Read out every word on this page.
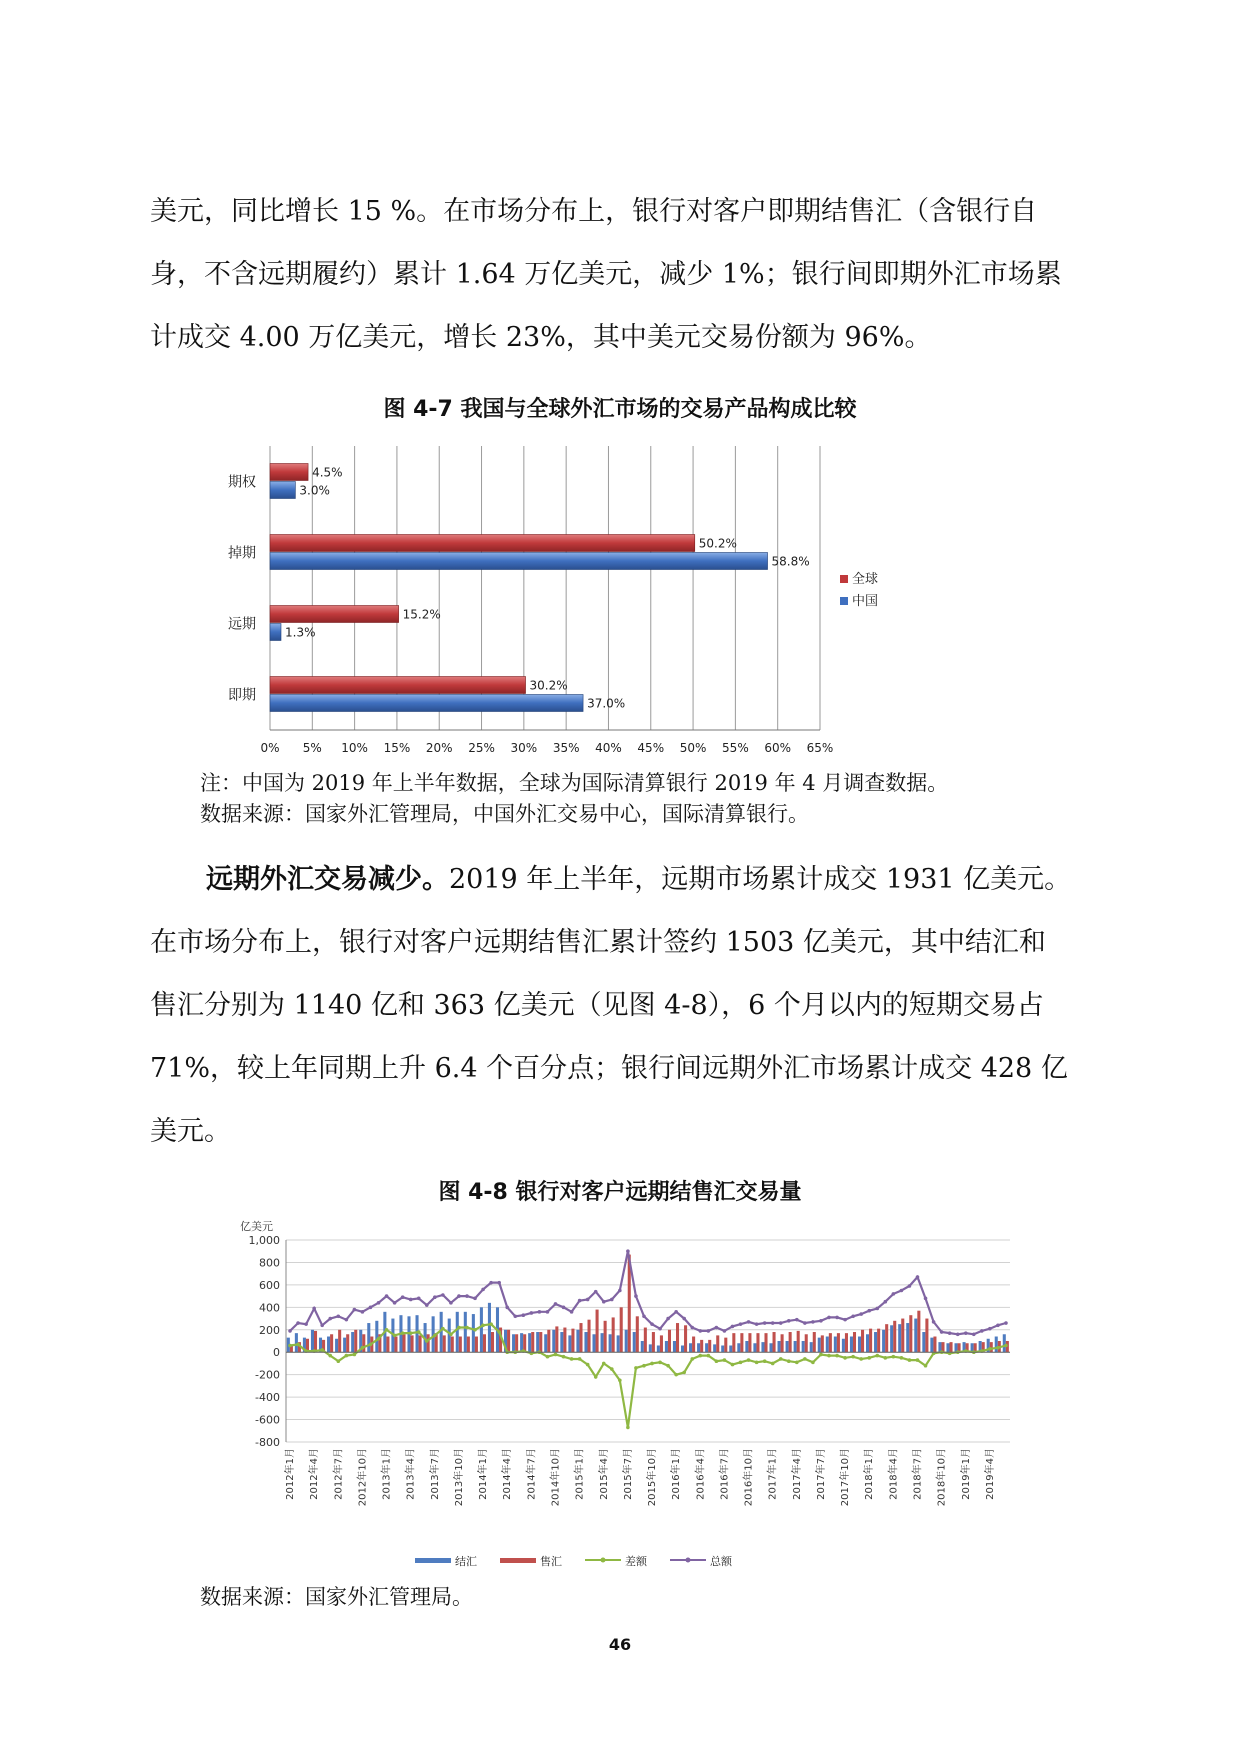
美元，同比增长 15 %。在市场分布上，银行对客户即期结售汇（含银行自

身，不含远期履约）累计 1.64 万亿美元，减少 1%；银行间即期外汇市场累

计成交 4.00 万亿美元，增长 23%，其中美元交易份额为 96%。

图 4-7 我国与全球外汇市场的交易产品构成比较
0% 5% 10% 15% 20% 25% 30% 35% 40% 45% 50% 55% 60% 65%
期权
4.5%
3.0%
掉期
50.2%
58.8%
远期
15.2%
1.3%
即期
30.2%
37.0%
全球
中国
注：中国为 2019 年上半年数据，全球为国际清算银行 2019 年 4 月调查数据。
数据来源：国家外汇管理局，中国外汇交易中心，国际清算银行。

远期外汇交易减少。2019 年上半年，远期市场累计成交 1931 亿美元。

在市场分布上，银行对客户远期结售汇累计签约 1503 亿美元，其中结汇和

售汇分别为 1140 亿和 363 亿美元（见图 4-8），6 个月以内的短期交易占

71%，较上年同期上升 6.4 个百分点；银行间远期外汇市场累计成交 428 亿

美元。

图 4-8 银行对客户远期结售汇交易量
亿美元
1,000
800
600
400
200
0
-200
-400
-600
-800
2012年1月 2012年4月 2012年7月 2012年10月 2013年1月 2013年4月 2013年7月 2013年10月 2014年1月 2014年4月 2014年7月 2014年10月 2015年1月 2015年4月 2015年7月 2015年10月 2016年1月 2016年4月 2016年7月 2016年10月 2017年1月 2017年4月 2017年7月 2017年10月 2018年1月 2018年4月 2018年7月 2018年10月 2019年1月 2019年4月
结汇	售汇	差额	总额
数据来源：国家外汇管理局。
46
